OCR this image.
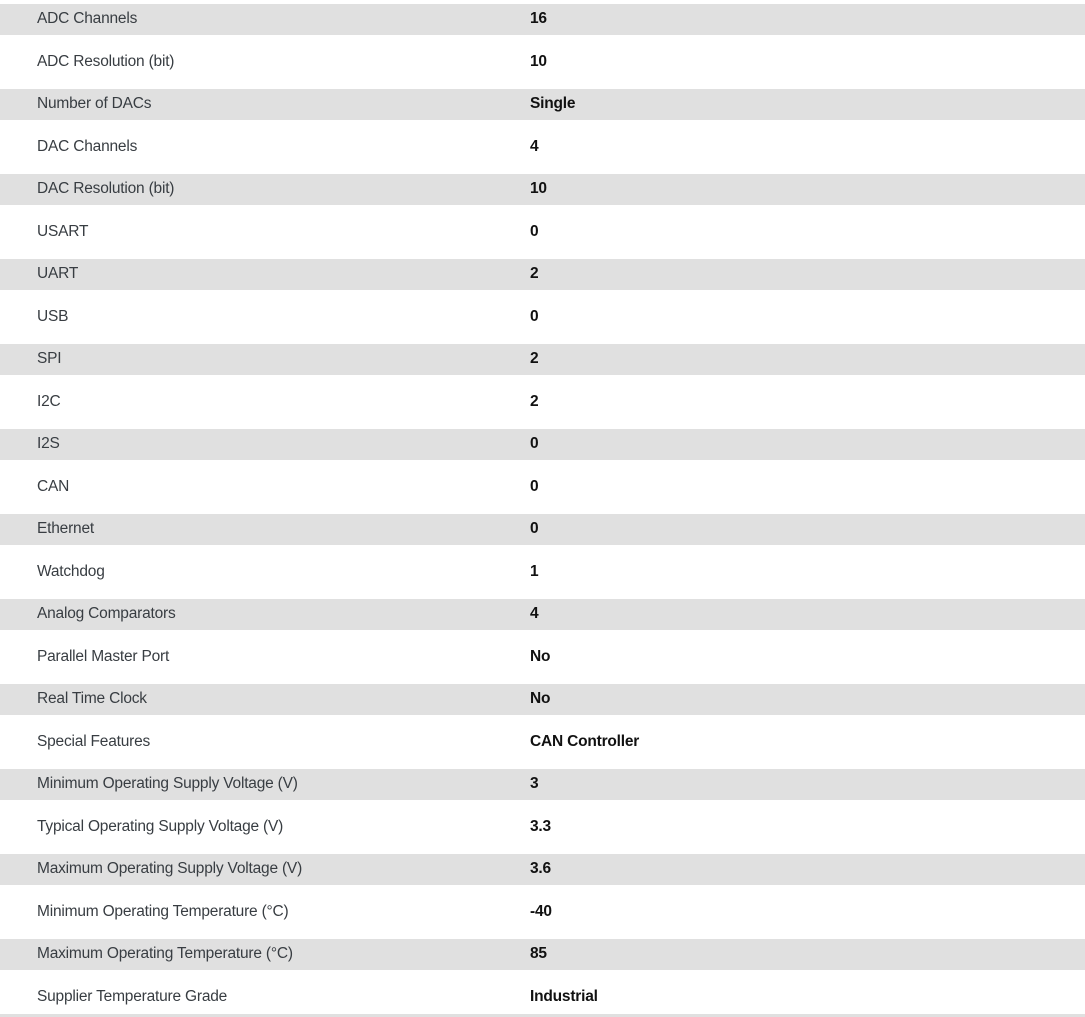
ADC Channels	16
ADC Resolution (bit)	10
Number of DACs	Single
DAC Channels	4
DAC Resolution (bit)	10
USART	0
UART	2
USB	0
SPI	2
I2C	2
I2S	0
CAN	0
Ethernet	0
Watchdog	1
Analog Comparators	4
Parallel Master Port	No
Real Time Clock	No
Special Features	CAN Controller
Minimum Operating Supply Voltage (V)	3
Typical Operating Supply Voltage (V)	3.3
Maximum Operating Supply Voltage (V)	3.6
Minimum Operating Temperature (°C)	-40
Maximum Operating Temperature (°C)	85
Supplier Temperature Grade	Industrial
